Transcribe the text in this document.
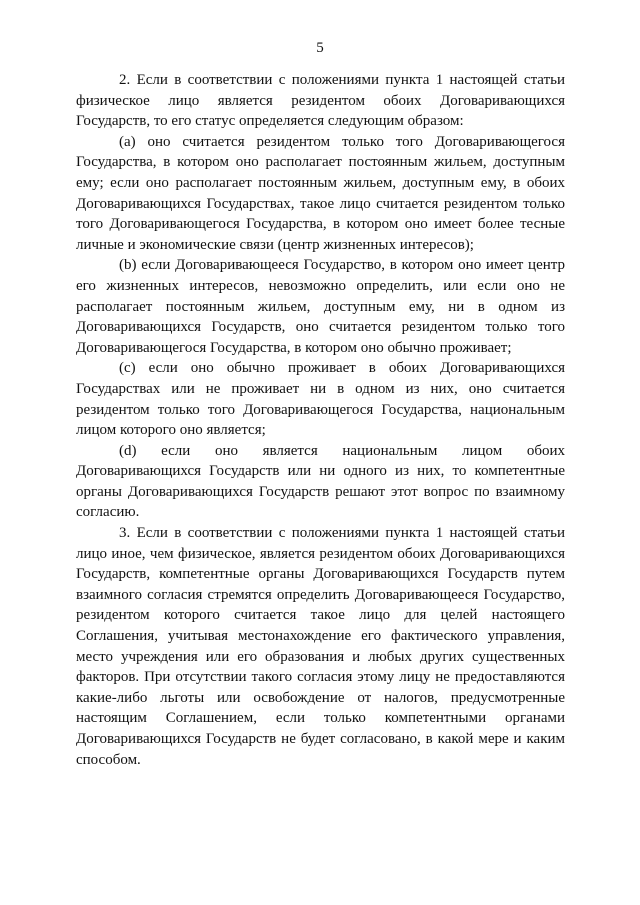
5

2. Если в соответствии с положениями пункта 1 настоящей статьи физическое лицо является резидентом обоих Договаривающихся Государств, то его статус определяется следующим образом:

(a) оно считается резидентом только того Договаривающегося Государства, в котором оно располагает постоянным жильем, доступным ему; если оно располагает постоянным жильем, доступным ему, в обоих Договаривающихся Государствах, такое лицо считается резидентом только того Договаривающегося Государства, в котором оно имеет более тесные личные и экономические связи (центр жизненных интересов);

(b) если Договаривающееся Государство, в котором оно имеет центр его жизненных интересов, невозможно определить, или если оно не располагает постоянным жильем, доступным ему, ни в одном из Договаривающихся Государств, оно считается резидентом только того Договаривающегося Государства, в котором оно обычно проживает;

(c) если оно обычно проживает в обоих Договаривающихся Государствах или не проживает ни в одном из них, оно считается резидентом только того Договаривающегося Государства, национальным лицом которого оно является;

(d) если оно является национальным лицом обоих Договаривающихся Государств или ни одного из них, то компетентные органы Договаривающихся Государств решают этот вопрос по взаимному согласию.

3. Если в соответствии с положениями пункта 1 настоящей статьи лицо иное, чем физическое, является резидентом обоих Договаривающихся Государств, компетентные органы Договаривающихся Государств путем взаимного согласия стремятся определить Договаривающееся Государство, резидентом которого считается такое лицо для целей настоящего Соглашения, учитывая местонахождение его фактического управления, место учреждения или его образования и любых других существенных факторов. При отсутствии такого согласия этому лицу не предоставляются какие-либо льготы или освобождение от налогов, предусмотренные настоящим Соглашением, если только компетентными органами Договаривающихся Государств не будет согласовано, в какой мере и каким способом.
